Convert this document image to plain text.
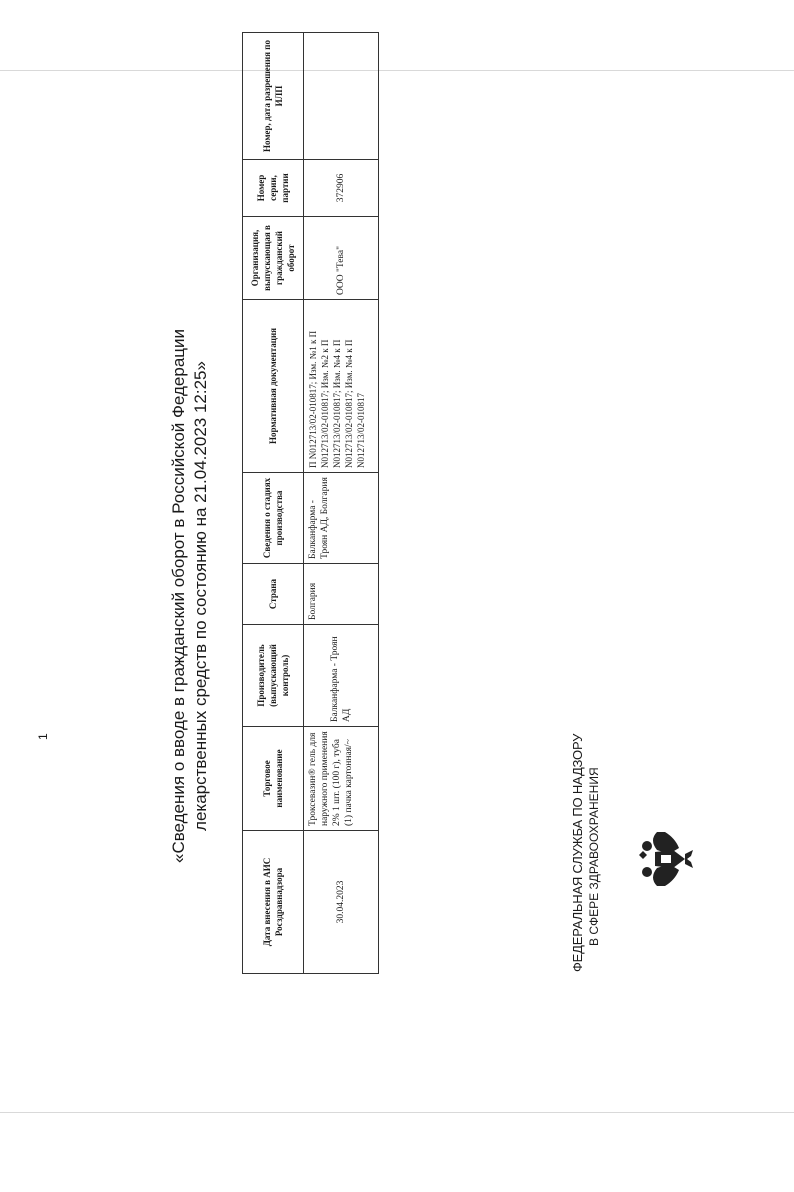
ФЕДЕРАЛЬНАЯ СЛУЖБА ПО НАДЗОРУ В СФЕРЕ ЗДРАВООХРАНЕНИЯ
«Сведения о вводе в гражданский оборот в Российской Федерации лекарственных средств по состоянию на 21.04.2023 12:25»
Дата внесения в АИС Росздравнадзора	Торговое наименование	Производитель (выпускающий контроль)	Страна	Сведения о стадиях производства	Нормативная документация	Организация, выпускающая в гражданский оборот	Номер серии, партии	Номер, дата разрешения по ИЛП
30.04.2023	Троксевазин® гель для наружного применения 2% 1 шт. (100 г), туба (1) пачка картонная/~	Балканфарма - Троян АД	Болгария	Балканфарма - Троян АД, Болгария	П N012713/02-010817; Изм. №1 к П N012713/02-010817; Изм. №2 к П N012713/02-010817; Изм. №4 к П N012713/02-010817; Изм. №4 к П N012713/02-010817	ООО "Тева"	372906	
1
